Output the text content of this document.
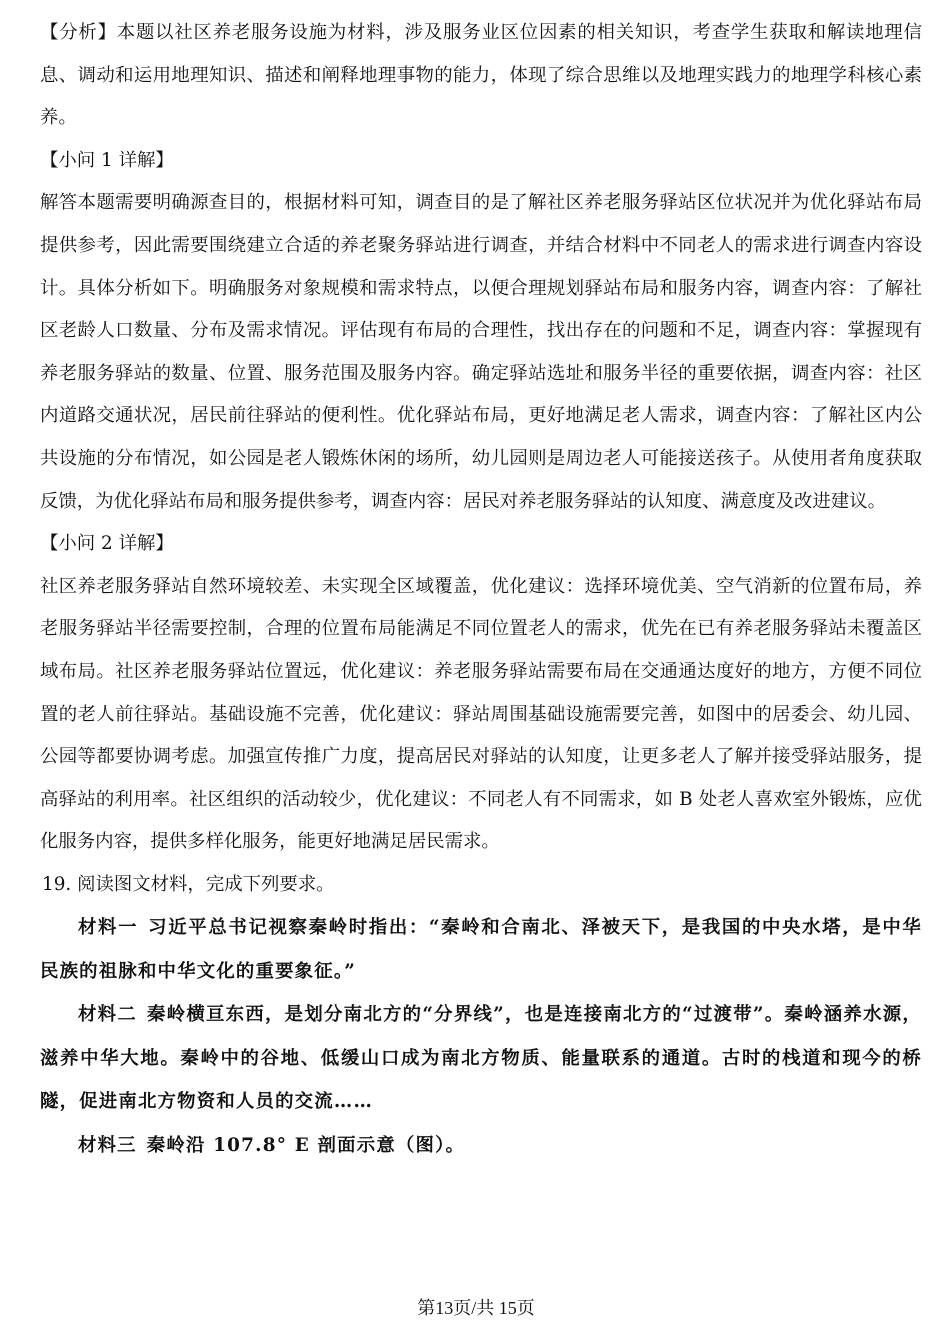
【分析】本题以社区养老服务设施为材料，涉及服务业区位因素的相关知识，考查学生获取和解读地理信息、调动和运用地理知识、描述和阐释地理事物的能力，体现了综合思维以及地理实践力的地理学科核心素养。

【小问 1 详解】

解答本题需要明确源查目的，根据材料可知，调查目的是了解社区养老服务驿站区位状况并为优化驿站布局提供参考，因此需要围绕建立合适的养老聚务驿站进行调查，并结合材料中不同老人的需求进行调查内容设计。具体分析如下。明确服务对象规模和需求特点，以便合理规划驿站布局和服务内容，调查内容：了解社区老龄人口数量、分布及需求情况。评估现有布局的合理性，找出存在的问题和不足，调查内容：掌握现有养老服务驿站的数量、位置、服务范围及服务内容。确定驿站选址和服务半径的重要依据，调查内容：社区内道路交通状况，居民前往驿站的便利性。优化驿站布局，更好地满足老人需求，调查内容：了解社区内公共设施的分布情况，如公园是老人锻炼休闲的场所，幼儿园则是周边老人可能接送孩子。从使用者角度获取反馈，为优化驿站布局和服务提供参考，调查内容：居民对养老服务驿站的认知度、满意度及改进建议。

【小问 2 详解】

社区养老服务驿站自然环境较差、未实现全区域覆盖，优化建议：选择环境优美、空气消新的位置布局，养老服务驿站半径需要控制，合理的位置布局能满足不同位置老人的需求，优先在已有养老服务驿站未覆盖区域布局。社区养老服务驿站位置远，优化建议：养老服务驿站需要布局在交通通达度好的地方，方便不同位置的老人前往驿站。基础设施不完善，优化建议：驿站周围基础设施需要完善，如图中的居委会、幼儿园、公园等都要协调考虑。加强宣传推广力度，提高居民对驿站的认知度，让更多老人了解并接受驿站服务，提高驿站的利用率。社区组织的活动较少，优化建议：不同老人有不同需求，如 B 处老人喜欢室外锻炼，应优化服务内容，提供多样化服务，能更好地满足居民需求。

19. 阅读图文材料，完成下列要求。

材料一 习近平总书记视察秦岭时指出：“秦岭和合南北、泽被天下，是我国的中央水塔，是中华民族的祖脉和中华文化的重要象征。”

材料二 秦岭横亘东西，是划分南北方的“分界线”，也是连接南北方的“过渡带”。秦岭涵养水源，滋养中华大地。秦岭中的谷地、低缓山口成为南北方物质、能量联系的通道。古时的栈道和现今的桥隧，促进南北方物资和人员的交流……

材料三 秦岭沿 107.8° E 剖面示意（图）。

第13页/共 15页
